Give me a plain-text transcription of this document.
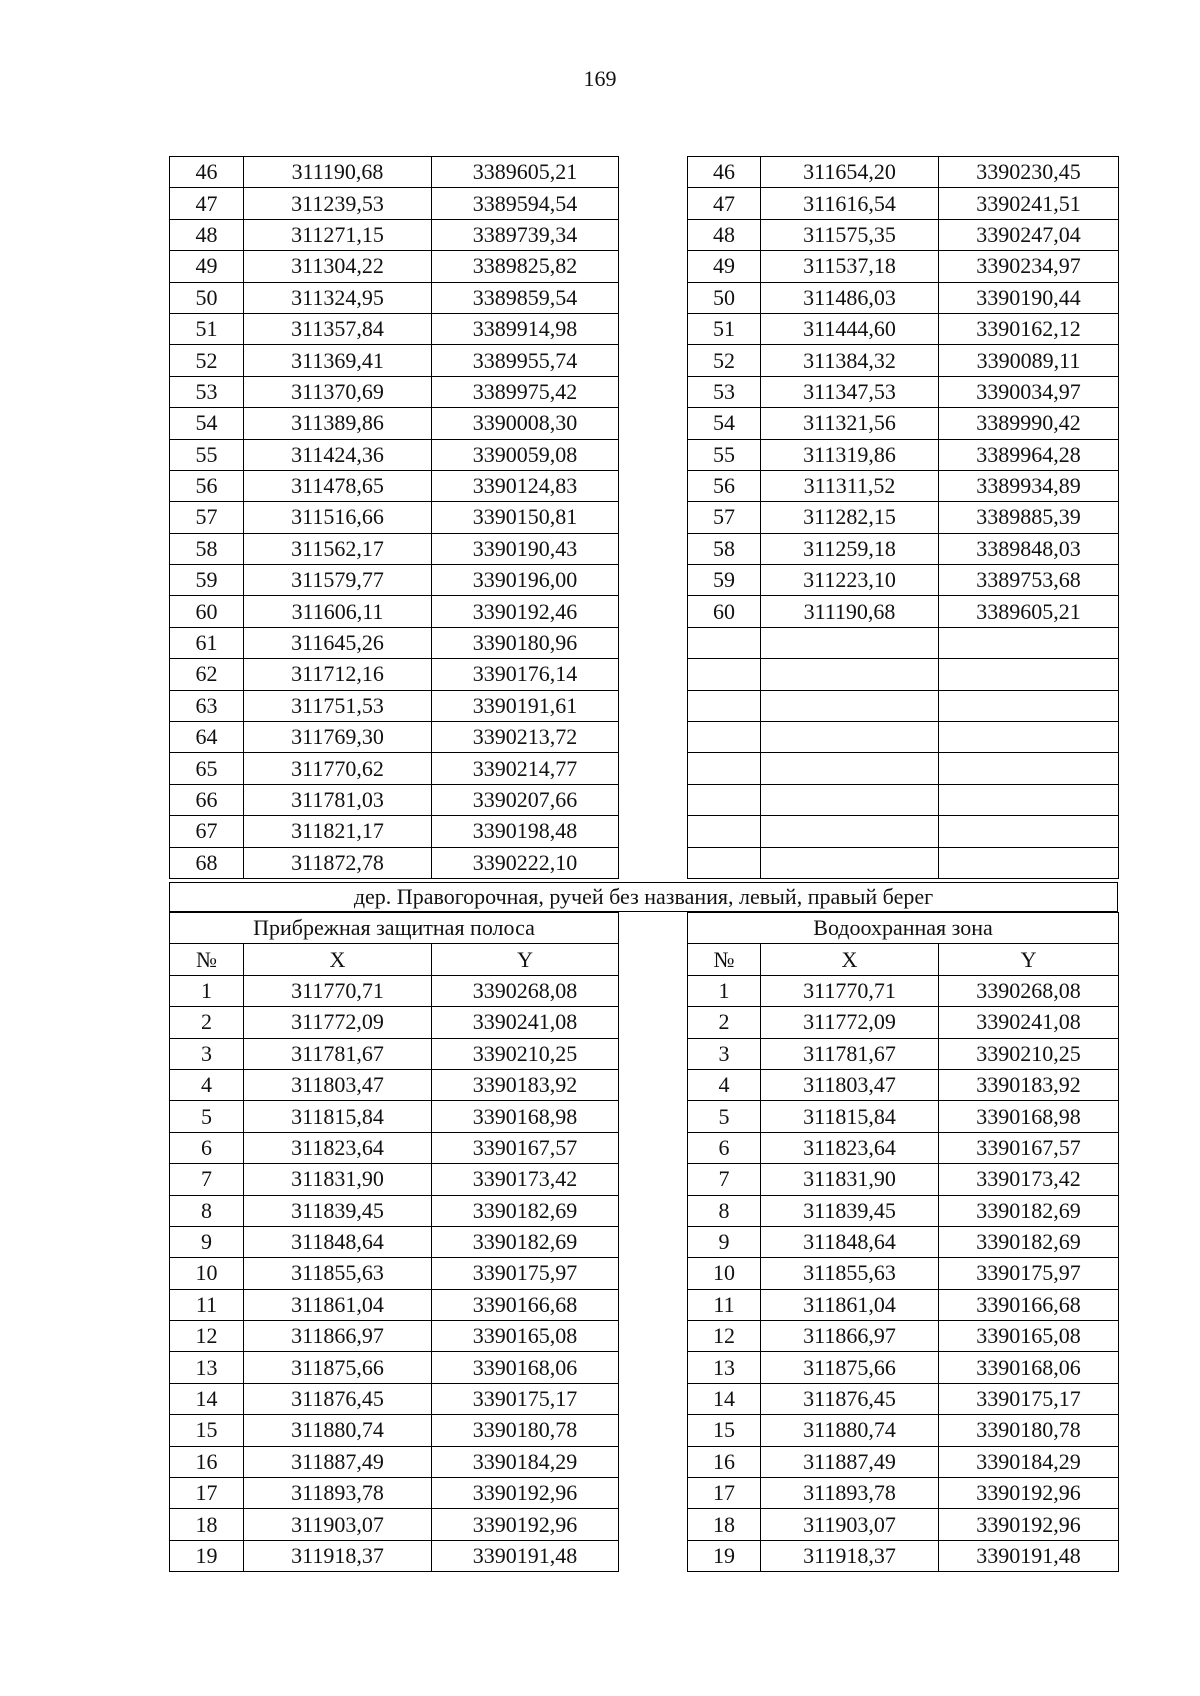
169
46	311190,68	3389605,21
47	311239,53	3389594,54
48	311271,15	3389739,34
49	311304,22	3389825,82
50	311324,95	3389859,54
51	311357,84	3389914,98
52	311369,41	3389955,74
53	311370,69	3389975,42
54	311389,86	3390008,30
55	311424,36	3390059,08
56	311478,65	3390124,83
57	311516,66	3390150,81
58	311562,17	3390190,43
59	311579,77	3390196,00
60	311606,11	3390192,46
61	311645,26	3390180,96
62	311712,16	3390176,14
63	311751,53	3390191,61
64	311769,30	3390213,72
65	311770,62	3390214,77
66	311781,03	3390207,66
67	311821,17	3390198,48
68	311872,78	3390222,10
46	311654,20	3390230,45
47	311616,54	3390241,51
48	311575,35	3390247,04
49	311537,18	3390234,97
50	311486,03	3390190,44
51	311444,60	3390162,12
52	311384,32	3390089,11
53	311347,53	3390034,97
54	311321,56	3389990,42
55	311319,86	3389964,28
56	311311,52	3389934,89
57	311282,15	3389885,39
58	311259,18	3389848,03
59	311223,10	3389753,68
60	311190,68	3389605,21

дер. Правогорочная, ручей без названия, левый, правый берег
Прибрежная защитная полоса		
№	X	Y
1	311770,71	3390268,08
2	311772,09	3390241,08
3	311781,67	3390210,25
4	311803,47	3390183,92
5	311815,84	3390168,98
6	311823,64	3390167,57
7	311831,90	3390173,42
8	311839,45	3390182,69
9	311848,64	3390182,69
10	311855,63	3390175,97
11	311861,04	3390166,68
12	311866,97	3390165,08
13	311875,66	3390168,06
14	311876,45	3390175,17
15	311880,74	3390180,78
16	311887,49	3390184,29
17	311893,78	3390192,96
18	311903,07	3390192,96
19	311918,37	3390191,48
Водоохранная зона		
№	X	Y
1	311770,71	3390268,08
2	311772,09	3390241,08
3	311781,67	3390210,25
4	311803,47	3390183,92
5	311815,84	3390168,98
6	311823,64	3390167,57
7	311831,90	3390173,42
8	311839,45	3390182,69
9	311848,64	3390182,69
10	311855,63	3390175,97
11	311861,04	3390166,68
12	311866,97	3390165,08
13	311875,66	3390168,06
14	311876,45	3390175,17
15	311880,74	3390180,78
16	311887,49	3390184,29
17	311893,78	3390192,96
18	311903,07	3390192,96
19	311918,37	3390191,48
